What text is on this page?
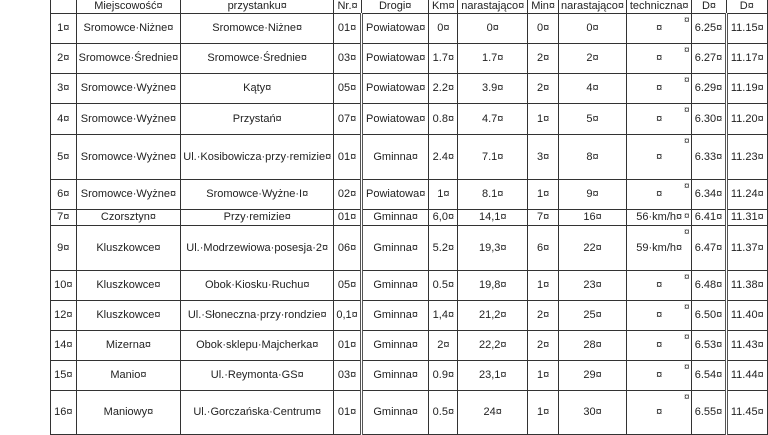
	Miejscowość¤	przystanku¤	Nr.¤	Drogi¤	Km¤	narastająco¤	Min¤	narastająco¤	techniczna¤	D¤	D¤
1¤	Sromowce·Niżne¤	Sromowce·Niżne¤	01¤	Powiatowa¤	0¤	0¤	0¤	0¤	¤	6.25¤	11.15¤
2¤	Sromowce·Średnie¤	Sromowce·Średnie¤	03¤	Powiatowa¤	1.7¤	1.7¤	2¤	2¤	¤	6.27¤	11.17¤
3¤	Sromowce·Wyżne¤	Kąty¤	05¤	Powiatowa¤	2.2¤	3.9¤	2¤	4¤	¤	6.29¤	11.19¤
4¤	Sromowce·Wyżne¤	Przystań¤	07¤	Powiatowa¤	0.8¤	4.7¤	1¤	5¤	¤	6.30¤	11.20¤
5¤	Sromowce·Wyżne¤	Ul.·Kosibowicza·przy·remizie¤	01¤	Gminna¤	2.4¤	7.1¤	3¤	8¤	¤	6.33¤	11.23¤
6¤	Sromowce·Wyżne¤	Sromowce·Wyżne·I¤	02¤	Powiatowa¤	1¤	8.1¤	1¤	9¤	¤	6.34¤	11.24¤
7¤	Czorsztyn¤	Przy·remizie¤	01¤	Gminna¤	6,0¤	14,1¤	7¤	16¤	56·km/h¤	6.41¤	11.31¤
9¤	Kluszkowce¤	Ul.·Modrzewiowa·posesja·2¤	06¤	Gminna¤	5.2¤	19,3¤	6¤	22¤	59·km/h¤	6.47¤	11.37¤
10¤	Kluszkowce¤	Obok·Kiosku·Ruchu¤	05¤	Gminna¤	0.5¤	19,8¤	1¤	23¤	¤	6.48¤	11.38¤
12¤	Kluszkowce¤	Ul.·Słoneczna·przy·rondzie¤	0,1¤	Gminna¤	1,4¤	21,2¤	2¤	25¤	¤	6.50¤	11.40¤
14¤	Mizerna¤	Obok·sklepu·Majcherka¤	01¤	Gminna¤	2¤	22,2¤	2¤	28¤	¤	6.53¤	11.43¤
15¤	Manio¤	Ul.·Reymonta·GS¤	03¤	Gminna¤	0.9¤	23,1¤	1¤	29¤	¤	6.54¤	11.44¤
16¤	Maniowy¤	Ul.·Gorczańska·Centrum¤	01¤	Gminna¤	0.5¤	24¤	1¤	30¤	¤	6.55¤	11.45¤
¤
¤
¤
¤
¤
¤
¤
¤
¤
¤
¤
¤
¤
